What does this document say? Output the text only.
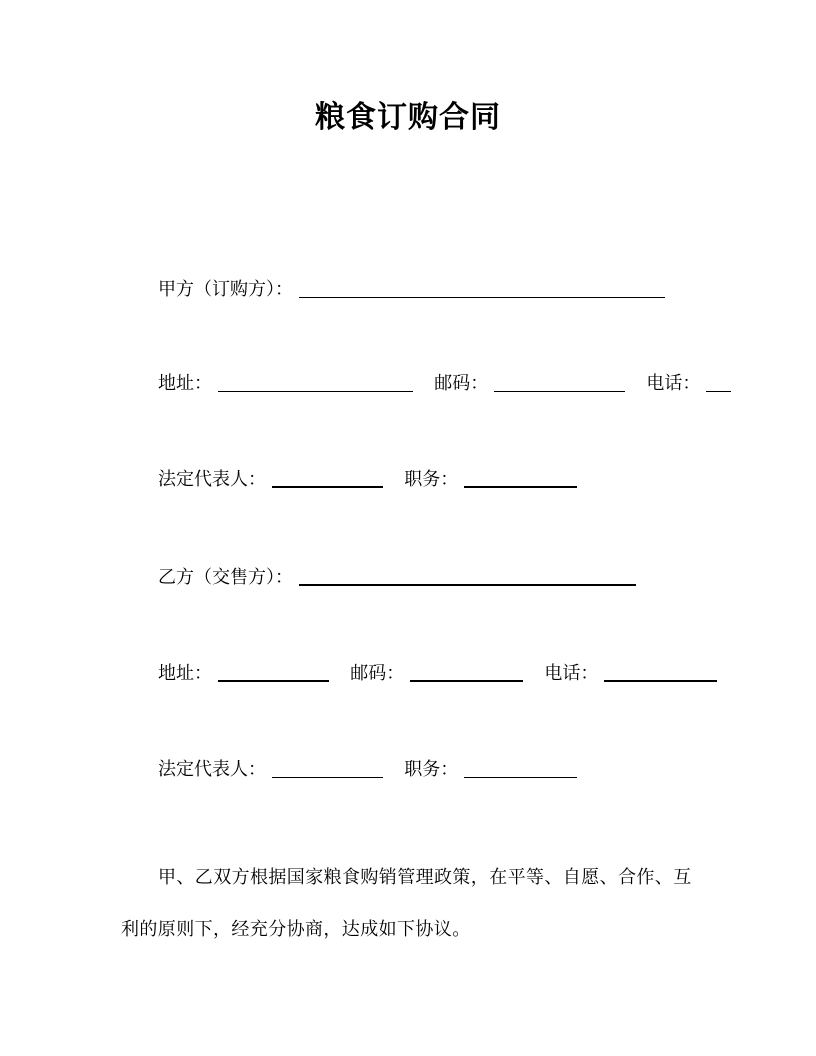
粮食订购合同
甲方（订购方）：
地址：	邮码：	电话：
法定代表人：	职务：
乙方（交售方）：
地址：	邮码：	电话：
法定代表人：	职务：
甲、乙双方根据国家粮食购销管理政策，在平等、自愿、合作、互利的原则下，经充分协商，达成如下协议。
